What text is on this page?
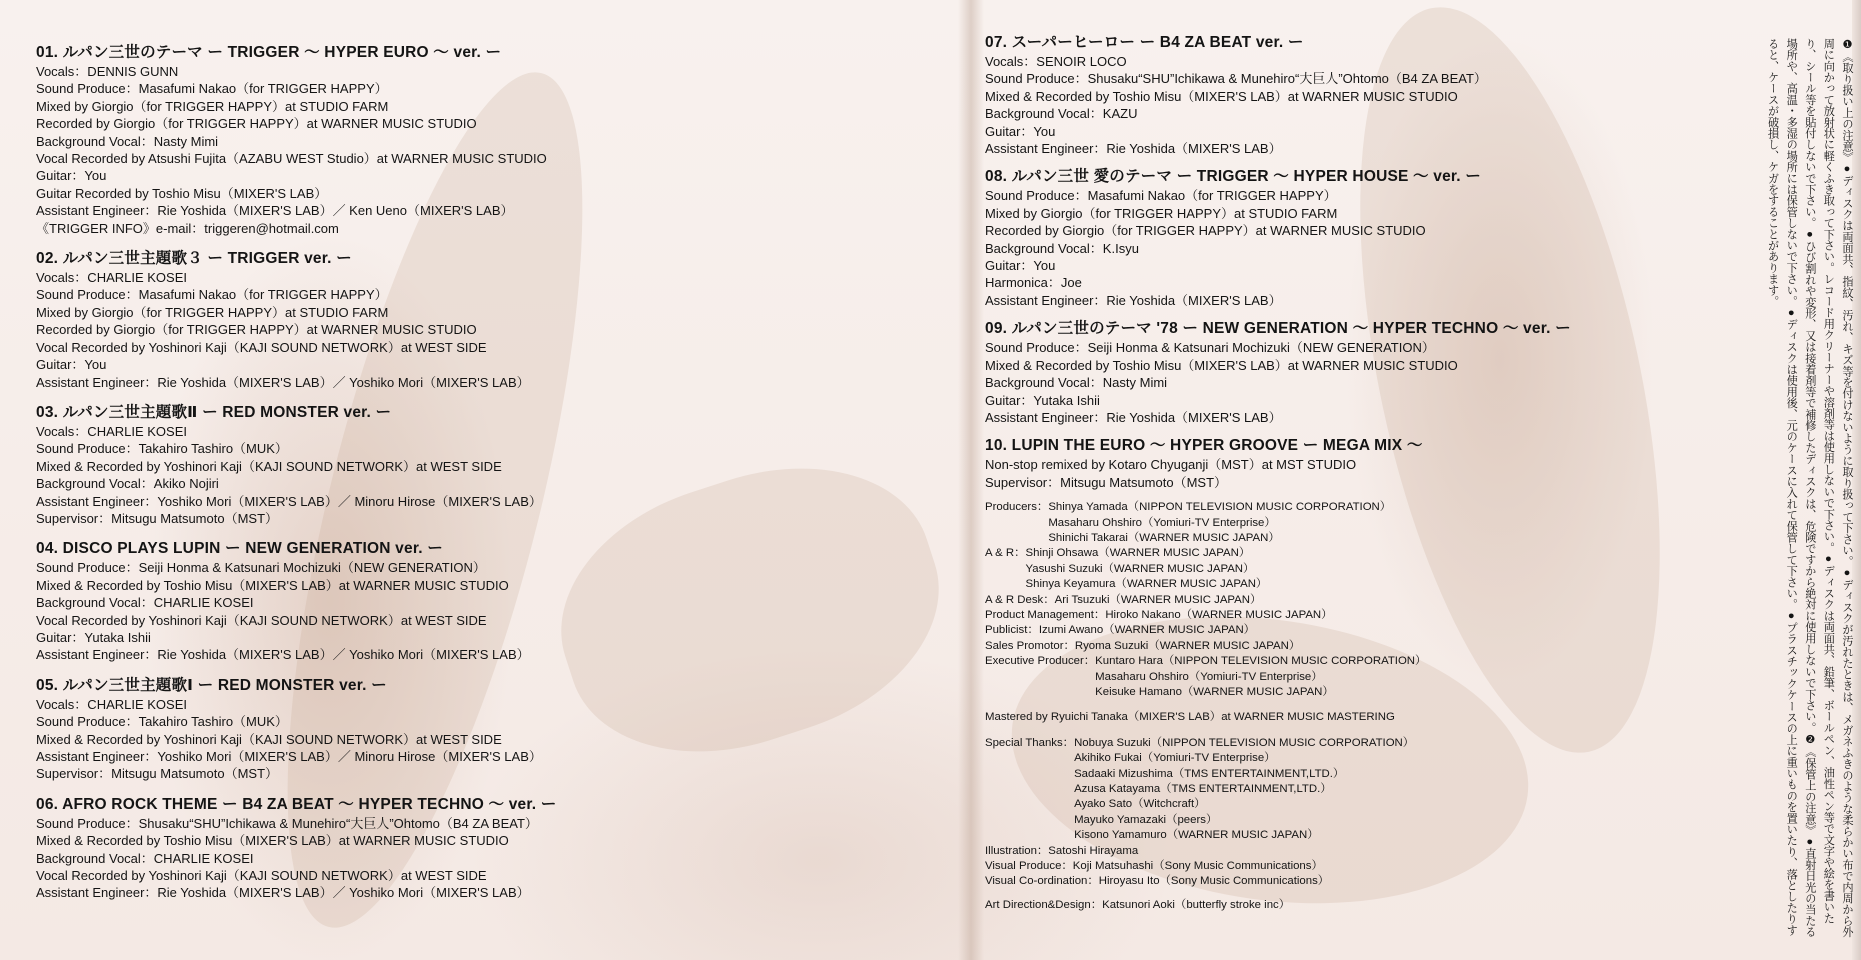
01. ルパン三世のテーマ ー TRIGGER ～ HYPER EURO ～ ver. ー
Vocals：DENNIS GUNN
Sound Produce：Masafumi Nakao（for TRIGGER HAPPY）
Mixed by Giorgio（for TRIGGER HAPPY）at STUDIO FARM
Recorded by Giorgio（for TRIGGER HAPPY）at WARNER MUSIC STUDIO
Background Vocal：Nasty Mimi
Vocal Recorded by Atsushi Fujita（AZABU WEST Studio）at WARNER MUSIC STUDIO
Guitar：You
Guitar Recorded by Toshio Misu（MIXER'S LAB）
Assistant Engineer：Rie Yoshida（MIXER'S LAB）／ Ken Ueno（MIXER'S LAB）
《TRIGGER INFO》e-mail：triggeren@hotmail.com
02. ルパン三世主題歌３ ー TRIGGER ver. ー
Vocals：CHARLIE KOSEI
Sound Produce：Masafumi Nakao（for TRIGGER HAPPY）
Mixed by Giorgio（for TRIGGER HAPPY）at STUDIO FARM
Recorded by Giorgio（for TRIGGER HAPPY）at WARNER MUSIC STUDIO
Vocal Recorded by Yoshinori Kaji（KAJI SOUND NETWORK）at WEST SIDE
Guitar：You
Assistant Engineer：Rie Yoshida（MIXER'S LAB）／ Yoshiko Mori（MIXER'S LAB）
03. ルパン三世主題歌Ⅱ ー RED MONSTER ver. ー
Vocals：CHARLIE KOSEI
Sound Produce：Takahiro Tashiro（MUK）
Mixed & Recorded by Yoshinori Kaji（KAJI SOUND NETWORK）at WEST SIDE
Background Vocal：Akiko Nojiri
Assistant Engineer：Yoshiko Mori（MIXER'S LAB）／ Minoru Hirose（MIXER'S LAB）
Supervisor：Mitsugu Matsumoto（MST）
04. DISCO PLAYS LUPIN ー NEW GENERATION ver. ー
Sound Produce：Seiji Honma & Katsunari Mochizuki（NEW GENERATION）
Mixed & Recorded by Toshio Misu（MIXER'S LAB）at WARNER MUSIC STUDIO
Background Vocal：CHARLIE KOSEI
Vocal Recorded by Yoshinori Kaji（KAJI SOUND NETWORK）at WEST SIDE
Guitar：Yutaka Ishii
Assistant Engineer：Rie Yoshida（MIXER'S LAB）／ Yoshiko Mori（MIXER'S LAB）
05. ルパン三世主題歌Ⅰ ー RED MONSTER ver. ー
Vocals：CHARLIE KOSEI
Sound Produce：Takahiro Tashiro（MUK）
Mixed & Recorded by Yoshinori Kaji（KAJI SOUND NETWORK）at WEST SIDE
Assistant Engineer：Yoshiko Mori（MIXER'S LAB）／ Minoru Hirose（MIXER'S LAB）
Supervisor：Mitsugu Matsumoto（MST）
06. AFRO ROCK THEME ー B4 ZA BEAT ～ HYPER TECHNO ～ ver. ー
Sound Produce：Shusaku“SHU”Ichikawa & Munehiro“大巨人”Ohtomo（B4 ZA BEAT）
Mixed & Recorded by Toshio Misu（MIXER'S LAB）at WARNER MUSIC STUDIO
Background Vocal：CHARLIE KOSEI
Vocal Recorded by Yoshinori Kaji（KAJI SOUND NETWORK）at WEST SIDE
Assistant Engineer：Rie Yoshida（MIXER'S LAB）／ Yoshiko Mori（MIXER'S LAB）
07. スーパーヒーロー ー B4 ZA BEAT ver. ー
Vocals：SENOIR LOCO
Sound Produce：Shusaku“SHU”Ichikawa & Munehiro“大巨人”Ohtomo（B4 ZA BEAT）
Mixed & Recorded by Toshio Misu（MIXER'S LAB）at WARNER MUSIC STUDIO
Background Vocal：KAZU
Guitar：You
Assistant Engineer：Rie Yoshida（MIXER'S LAB）
08. ルパン三世 愛のテーマ ー TRIGGER ～ HYPER HOUSE ～ ver. ー
Sound Produce：Masafumi Nakao（for TRIGGER HAPPY）
Mixed by Giorgio（for TRIGGER HAPPY）at STUDIO FARM
Recorded by Giorgio（for TRIGGER HAPPY）at WARNER MUSIC STUDIO
Background Vocal：K.Isyu
Guitar：You
Harmonica：Joe
Assistant Engineer：Rie Yoshida（MIXER'S LAB）
09. ルパン三世のテーマ '78 ー NEW GENERATION ～ HYPER TECHNO ～ ver. ー
Sound Produce：Seiji Honma & Katsunari Mochizuki（NEW GENERATION）
Mixed & Recorded by Toshio Misu（MIXER'S LAB）at WARNER MUSIC STUDIO
Background Vocal：Nasty Mimi
Guitar：Yutaka Ishii
Assistant Engineer：Rie Yoshida（MIXER'S LAB）
10. LUPIN THE EURO ～ HYPER GROOVE ー MEGA MIX ～
Non-stop remixed by Kotaro Chyuganji（MST）at MST STUDIO
Supervisor：Mitsugu Matsumoto（MST）
Producers： Shinya Yamada（NIPPON TELEVISION MUSIC CORPORATION）
Masaharu Ohshiro（Yomiuri-TV Enterprise）
Shinichi Takarai（WARNER MUSIC JAPAN）
A & R： Shinji Ohsawa（WARNER MUSIC JAPAN）
Yasushi Suzuki（WARNER MUSIC JAPAN）
Shinya Keyamura（WARNER MUSIC JAPAN）
A & R Desk： Ari Tsuzuki（WARNER MUSIC JAPAN）
Product Management： Hiroko Nakano（WARNER MUSIC JAPAN）
Publicist： Izumi Awano（WARNER MUSIC JAPAN）
Sales Promotor： Ryoma Suzuki（WARNER MUSIC JAPAN）
Executive Producer： Kuntaro Hara（NIPPON TELEVISION MUSIC CORPORATION）
Masaharu Ohshiro（Yomiuri-TV Enterprise）
Keisuke Hamano（WARNER MUSIC JAPAN）
Mastered by Ryuichi Tanaka（MIXER'S LAB）at WARNER MUSIC MASTERING
Special Thanks： Nobuya Suzuki（NIPPON TELEVISION MUSIC CORPORATION）
Akihiko Fukai（Yomiuri-TV Enterprise）
Sadaaki Mizushima（TMS ENTERTAINMENT,LTD.）
Azusa Katayama（TMS ENTERTAINMENT,LTD.）
Ayako Sato（Witchcraft）
Mayuko Yamazaki（peers）
Kisono Yamamuro（WARNER MUSIC JAPAN）
Illustration：Satoshi Hirayama
Visual Produce：Koji Matsuhashi（Sony Music Communications）
Visual Co-ordination：Hiroyasu Ito（Sony Music Communications）
Art Direction&Design：Katsunori Aoki（butterfly stroke inc）	❶《取り扱い上の注意》●ディスクは両面共、指紋、汚れ、キズ等を付けないように取り扱って下さい。●ディスクが汚れたときは、メガネふきのような柔らかい布で内周から外周に向かって放射状に軽くふき取って下さい。レコード用クリーナーや溶剤等は使用しないで下さい。●ディスクは両面共、鉛筆、ボールペン、油性ペン等で文字や絵を書いたり、シール等を貼付しないで下さい。●ひび割れや変形、又は接着剤等で補修したディスクは、危険ですから絶対に使用しないで下さい。❷《保管上の注意》●直射日光の当たる場所や、高温・多湿の場所には保管しないで下さい。●ディスクは使用後、元のケースに入れて保管して下さい。●プラスチックケースの上に重いものを置いたり、落としたりすると、ケースが破損し、ケガをすることがあります。
